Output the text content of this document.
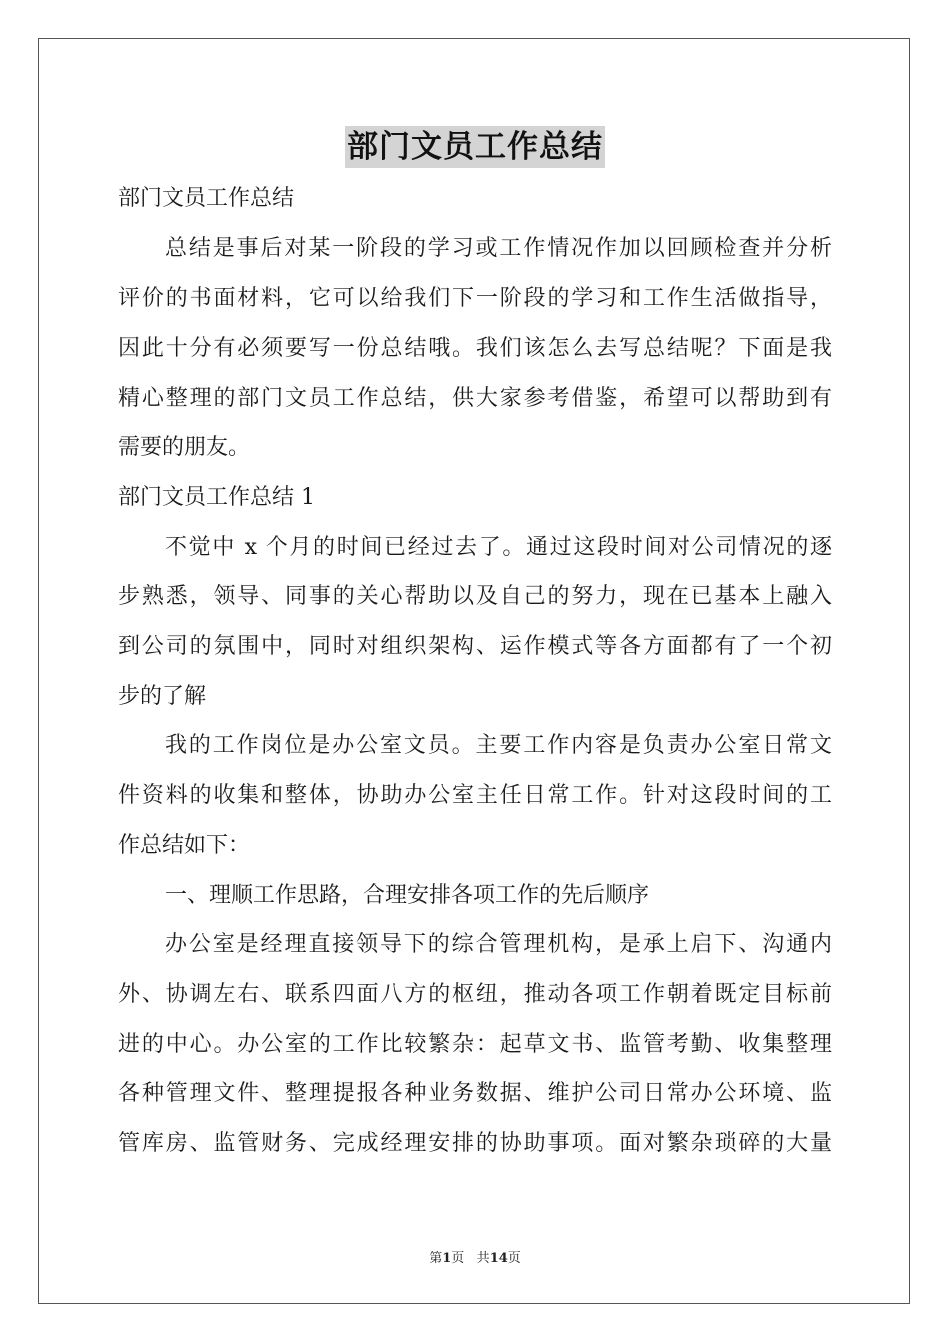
部门文员工作总结
部门文员工作总结
总结是事后对某一阶段的学习或工作情况作加以回顾检查并分析
评价的书面材料，它可以给我们下一阶段的学习和工作生活做指导，
因此十分有必须要写一份总结哦。我们该怎么去写总结呢？下面是我
精心整理的部门文员工作总结，供大家参考借鉴，希望可以帮助到有
需要的朋友。
部门文员工作总结 1
不觉中 x 个月的时间已经过去了。通过这段时间对公司情况的逐
步熟悉，领导、同事的关心帮助以及自己的努力，现在已基本上融入
到公司的氛围中，同时对组织架构、运作模式等各方面都有了一个初
步的了解
我的工作岗位是办公室文员。主要工作内容是负责办公室日常文
件资料的收集和整体，协助办公室主任日常工作。针对这段时间的工
作总结如下：
一、理顺工作思路，合理安排各项工作的先后顺序
办公室是经理直接领导下的综合管理机构，是承上启下、沟通内
外、协调左右、联系四面八方的枢纽，推动各项工作朝着既定目标前
进的中心。办公室的工作比较繁杂：起草文书、监管考勤、收集整理
各种管理文件、整理提报各种业务数据、维护公司日常办公环境、监
管库房、监管财务、完成经理安排的协助事项。面对繁杂琐碎的大量
第1页 共14页
